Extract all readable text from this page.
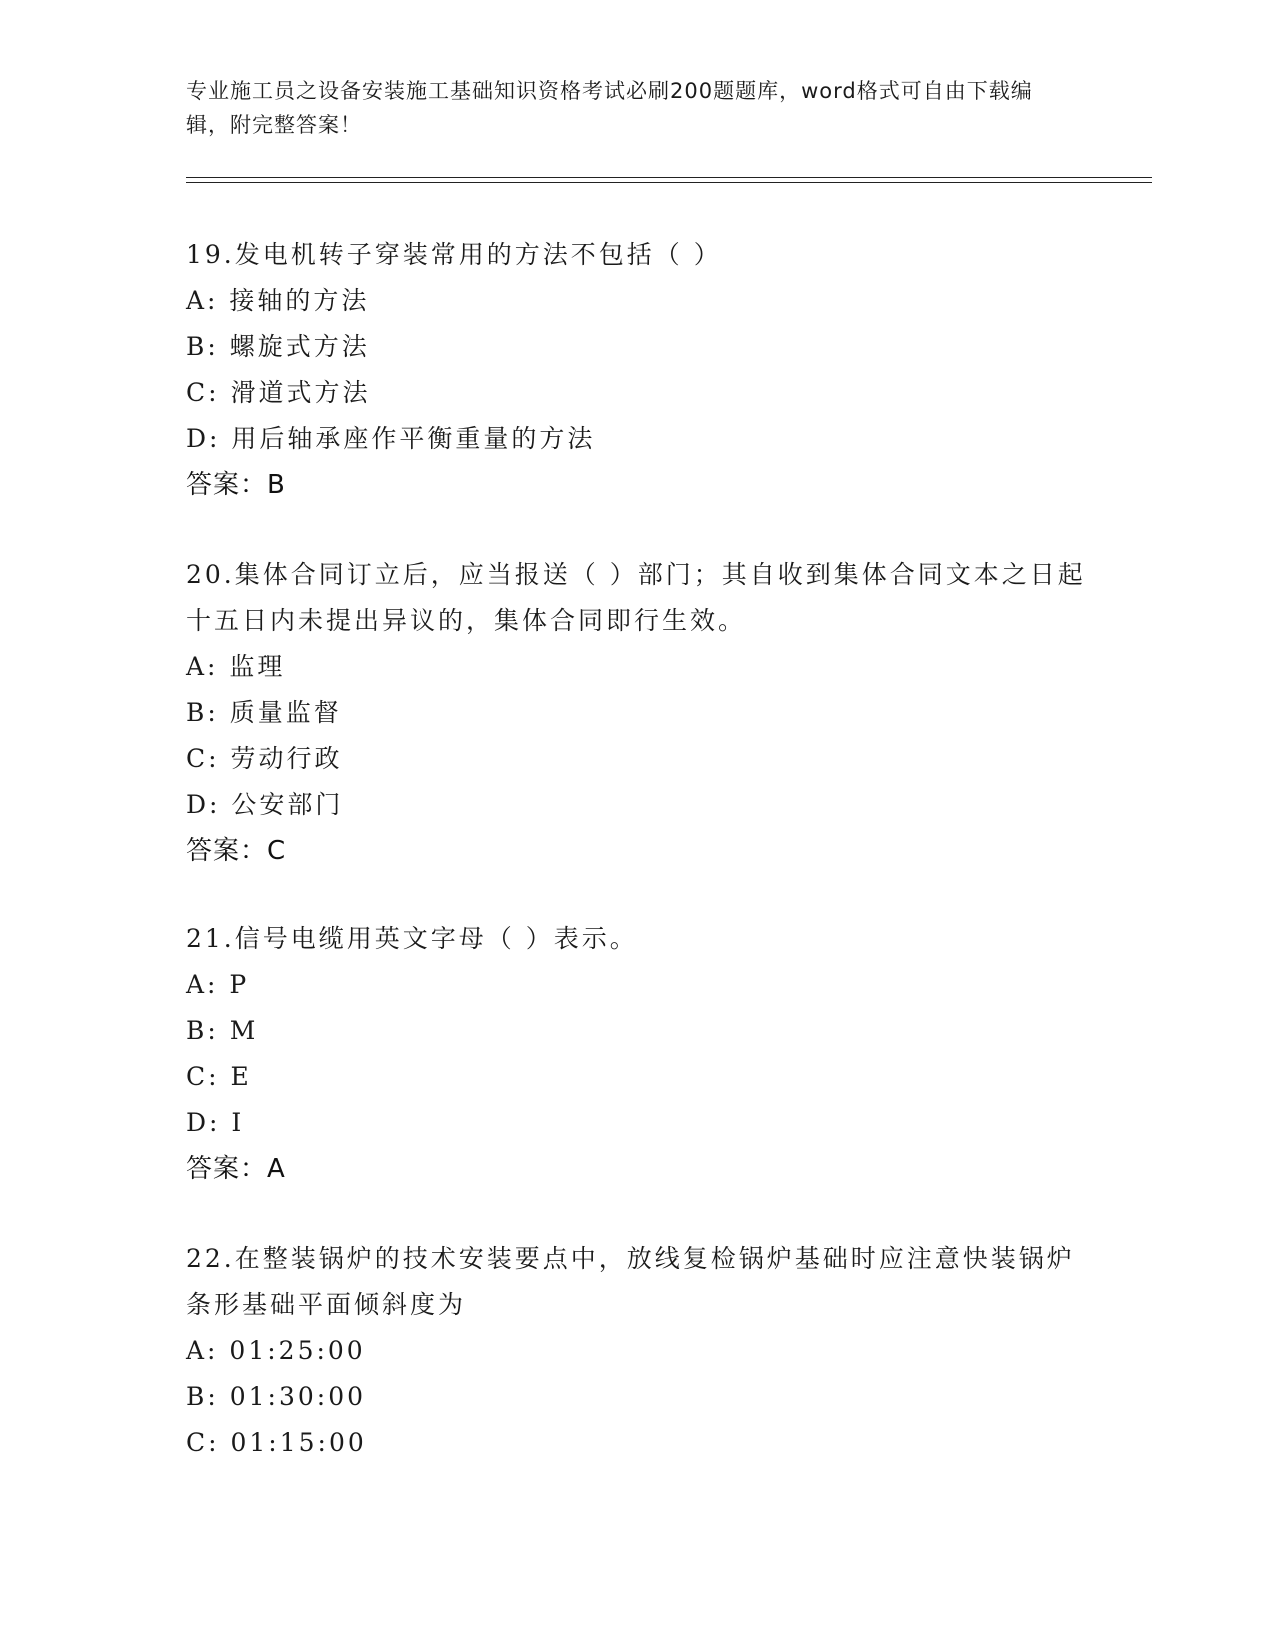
专业施工员之设备安装施工基础知识资格考试必刷200题题库，word格式可自由下载编辑，附完整答案！

19.发电机转子穿装常用的方法不包括（ ）

A: 接轴的方法

B: 螺旋式方法

C: 滑道式方法

D: 用后轴承座作平衡重量的方法

答案：B

20.集体合同订立后，应当报送（ ）部门；其自收到集体合同文本之日起十五日内未提出异议的，集体合同即行生效。

A: 监理

B: 质量监督

C: 劳动行政

D: 公安部门

答案：C

21.信号电缆用英文字母（ ）表示。

A: P

B: M

C: E

D: I

答案：A

22.在整装锅炉的技术安装要点中，放线复检锅炉基础时应注意快装锅炉条形基础平面倾斜度为

A: 01:25:00

B: 01:30:00

C: 01:15:00
